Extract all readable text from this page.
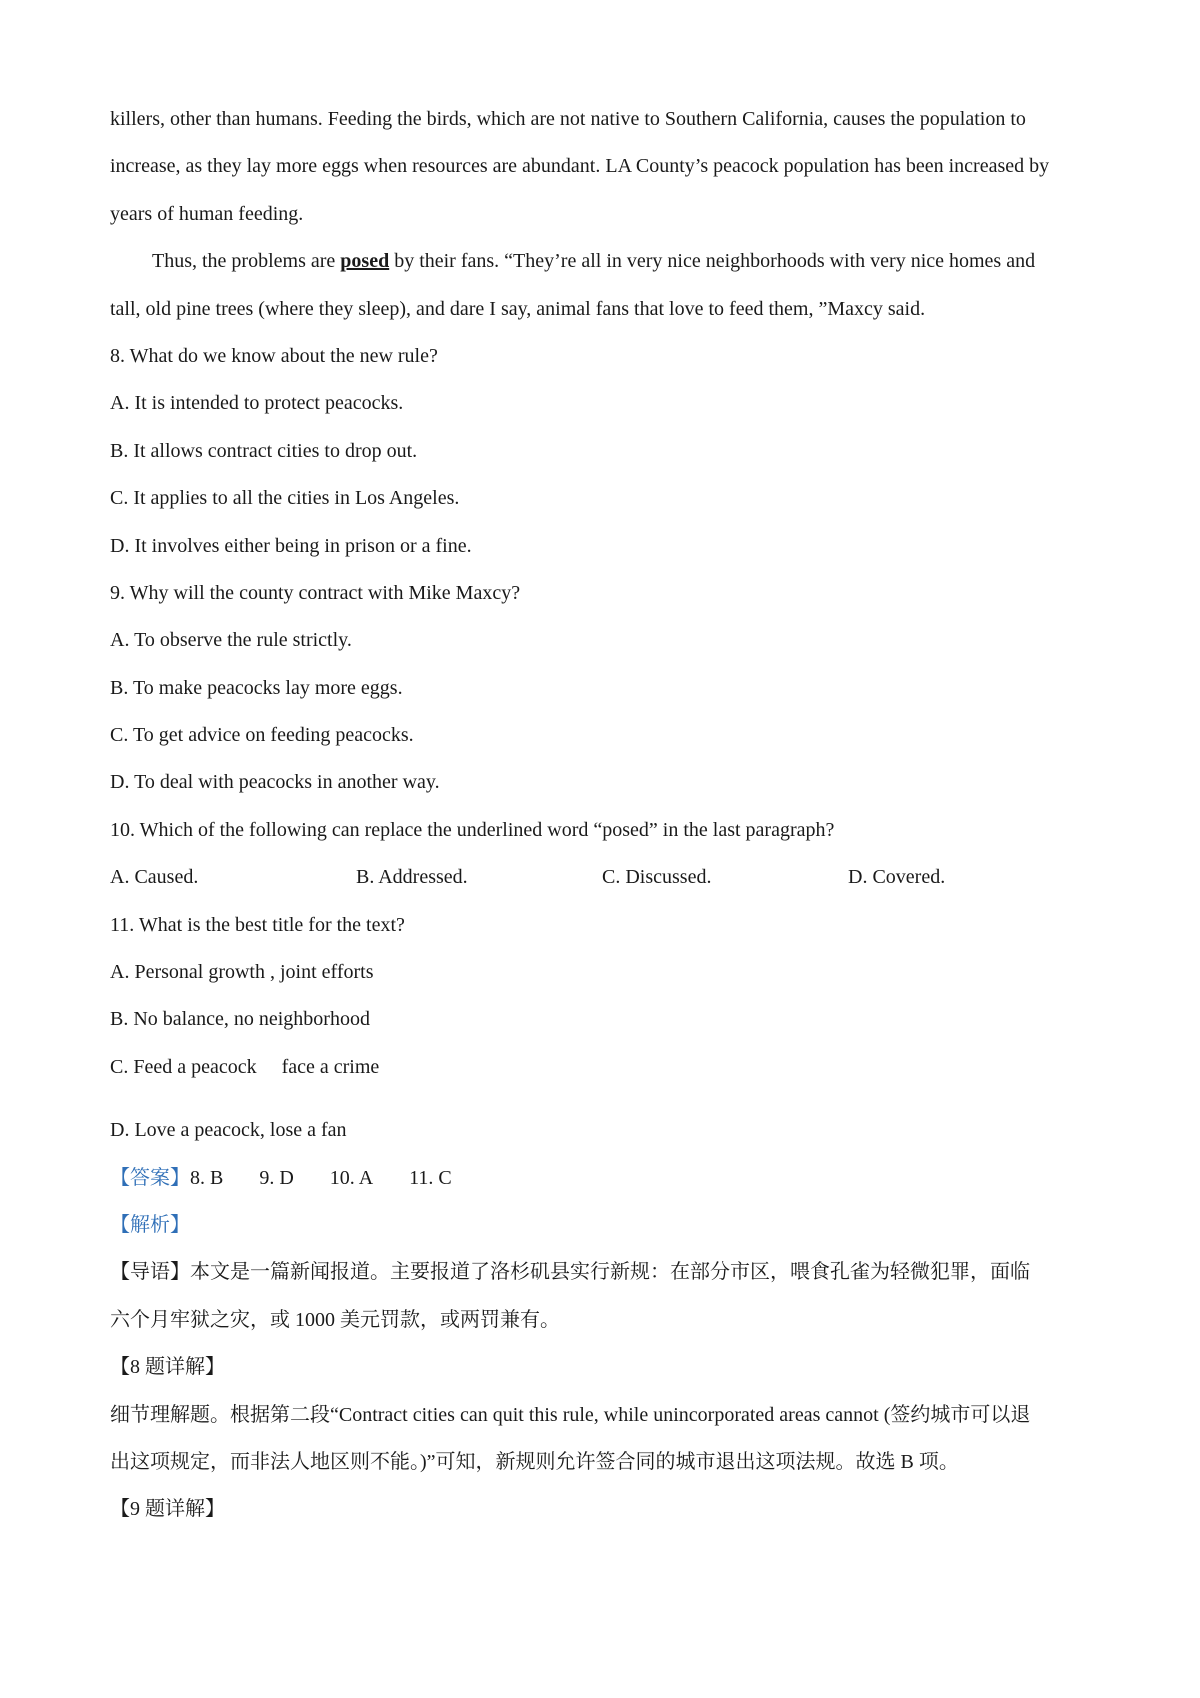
killers, other than humans. Feeding the birds, which are not native to Southern California, causes the population to
increase, as they lay more eggs when resources are abundant. LA County’s peacock population has been increased by
years of human feeding.
Thus, the problems are posed by their fans. “They’re all in very nice neighborhoods with very nice homes and
tall, old pine trees (where they sleep), and dare I say, animal fans that love to feed them, ”Maxcy said.
8. What do we know about the new rule?
A. It is intended to protect peacocks.
B. It allows contract cities to drop out.
C. It applies to all the cities in Los Angeles.
D. It involves either being in prison or a fine.
9. Why will the county contract with Mike Maxcy?
A. To observe the rule strictly.
B. To make peacocks lay more eggs.
C. To get advice on feeding peacocks.
D. To deal with peacocks in another way.
10. Which of the following can replace the underlined word “posed” in the last paragraph?
A. Caused.	B. Addressed.	C. Discussed.	D. Covered.
11. What is the best title for the text?
A. Personal growth , joint efforts
B. No balance, no neighborhood
C. Feed a peacock     face a crime
D. Love a peacock, lose a fan
【答案】8. B 9. D 10. A 11. C
【解析】
【导语】本文是一篇新闻报道。主要报道了洛杉矶县实行新规：在部分市区，喂食孔雀为轻微犯罪，面临
六个月牢狱之灾，或 1000 美元罚款，或两罚兼有。
【8 题详解】
细节理解题。根据第二段“Contract cities can quit this rule, while unincorporated areas cannot (签约城市可以退
出这项规定，而非法人地区则不能。)”可知，新规则允许签合同的城市退出这项法规。故选 B 项。
【9 题详解】
